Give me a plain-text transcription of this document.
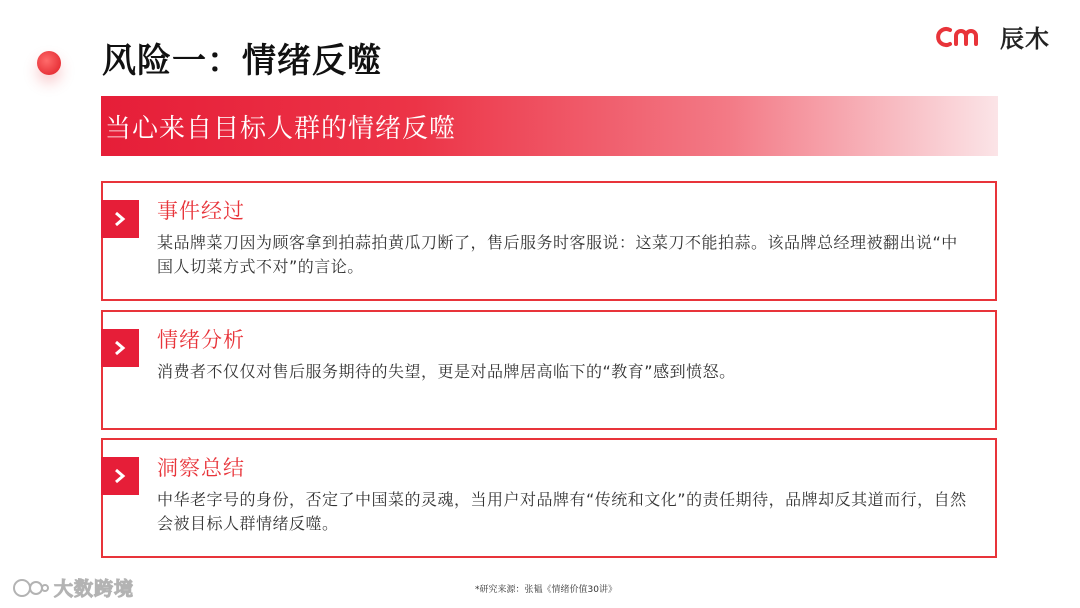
风险一：情绪反噬
辰木
当心来自目标人群的情绪反噬
事件经过
某品牌菜刀因为顾客拿到拍蒜拍黄瓜刀断了，售后服务时客服说：这菜刀不能拍蒜。该品牌总经理被翻出说“中国人切菜方式不对”的言论。
情绪分析
消费者不仅仅对售后服务期待的失望，更是对品牌居高临下的“教育”感到愤怒。
洞察总结
中华老字号的身份，否定了中国菜的灵魂，当用户对品牌有“传统和文化”的责任期待，品牌却反其道而行，自然会被目标人群情绪反噬。
*研究来源：张韫《情绪价值30讲》
大数跨境
